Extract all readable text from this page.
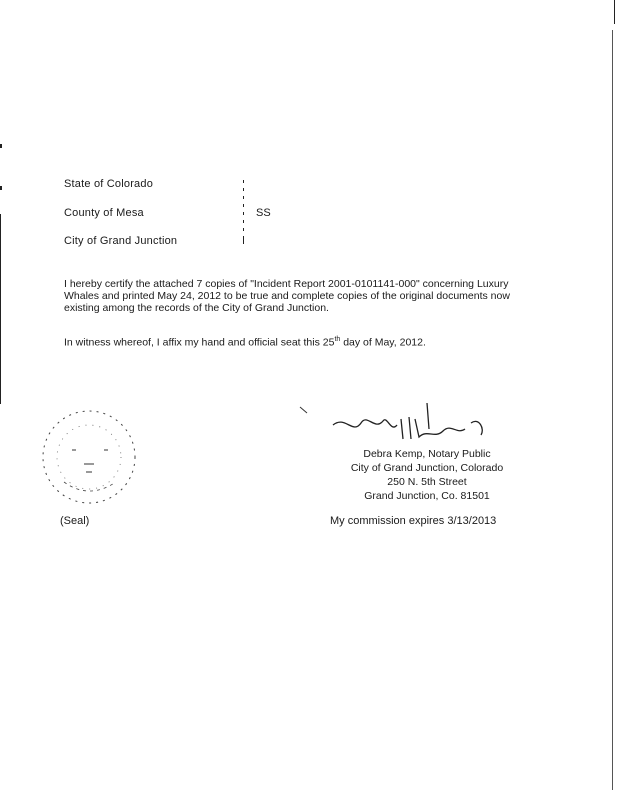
State of Colorado
County of Mesa
City of Grand Junction
SS
I hereby certify the attached 7 copies of "Incident Report 2001-0101141-000" concerning Luxury Whales and printed May 24, 2012 to be true and complete copies of the original documents now existing among the records of the City of Grand Junction.
In witness whereof, I affix my hand and official seat this 25th day of May, 2012.
(Seal)
Debra Kemp, Notary Public
City of Grand Junction, Colorado
250 N. 5th Street
Grand Junction, Co. 81501
My commission expires 3/13/2013
